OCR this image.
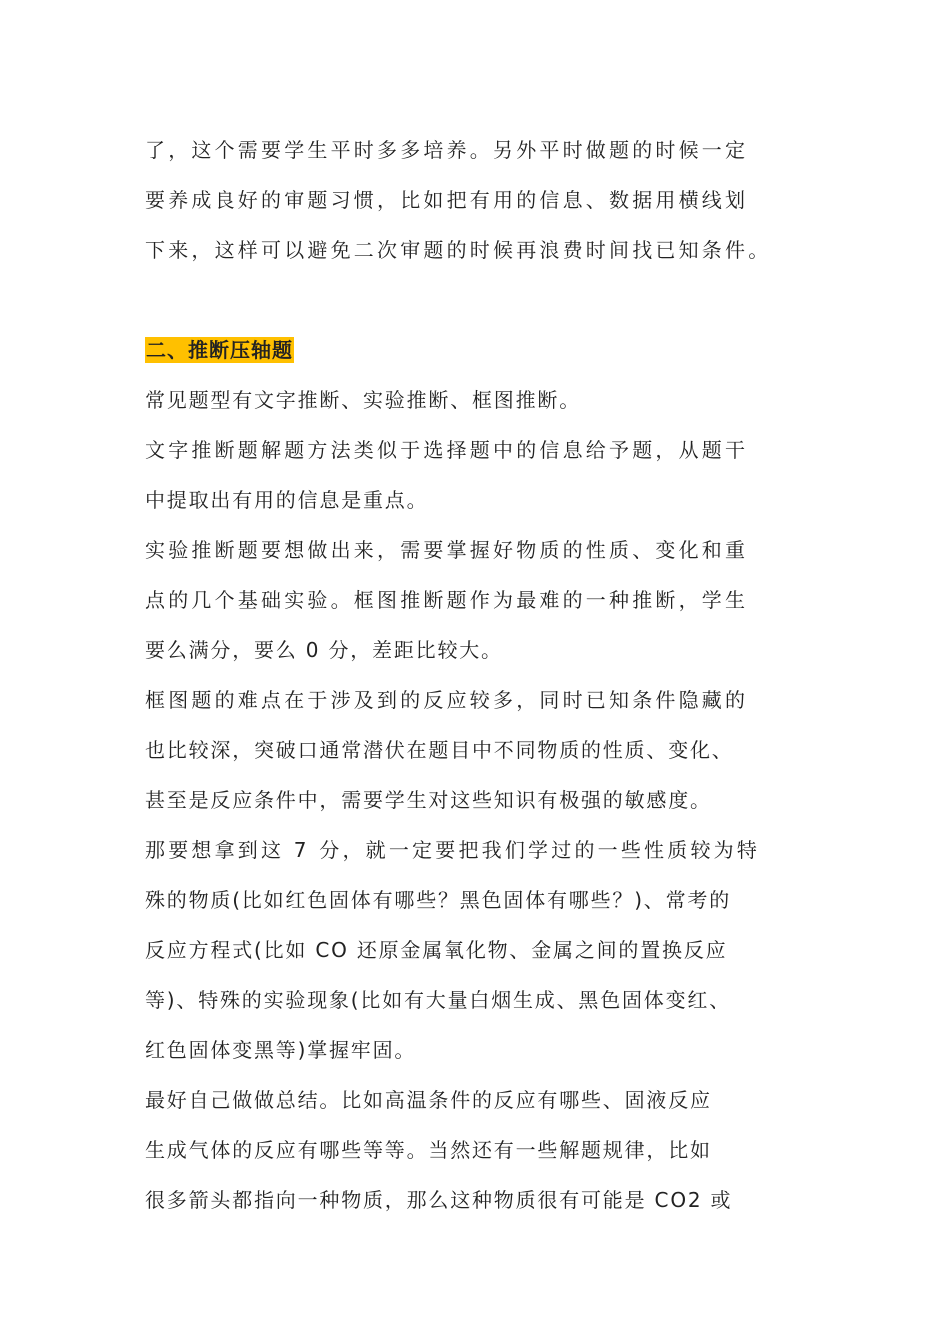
了，这个需要学生平时多多培养。另外平时做题的时候一定
要养成良好的审题习惯，比如把有用的信息、数据用横线划
下来，这样可以避免二次审题的时候再浪费时间找已知条件。
二、推断压轴题
常见题型有文字推断、实验推断、框图推断。
文字推断题解题方法类似于选择题中的信息给予题，从题干
中提取出有用的信息是重点。
实验推断题要想做出来，需要掌握好物质的性质、变化和重
点的几个基础实验。框图推断题作为最难的一种推断，学生
要么满分，要么 0 分，差距比较大。
框图题的难点在于涉及到的反应较多，同时已知条件隐藏的
也比较深，突破口通常潜伏在题目中不同物质的性质、变化、
甚至是反应条件中，需要学生对这些知识有极强的敏感度。
那要想拿到这 7 分，就一定要把我们学过的一些性质较为特
殊的物质(比如红色固体有哪些？黑色固体有哪些？)、常考的
反应方程式(比如 CO 还原金属氧化物、金属之间的置换反应
等)、特殊的实验现象(比如有大量白烟生成、黑色固体变红、
红色固体变黑等)掌握牢固。
最好自己做做总结。比如高温条件的反应有哪些、固液反应
生成气体的反应有哪些等等。当然还有一些解题规律，比如
很多箭头都指向一种物质，那么这种物质很有可能是 CO2 或
